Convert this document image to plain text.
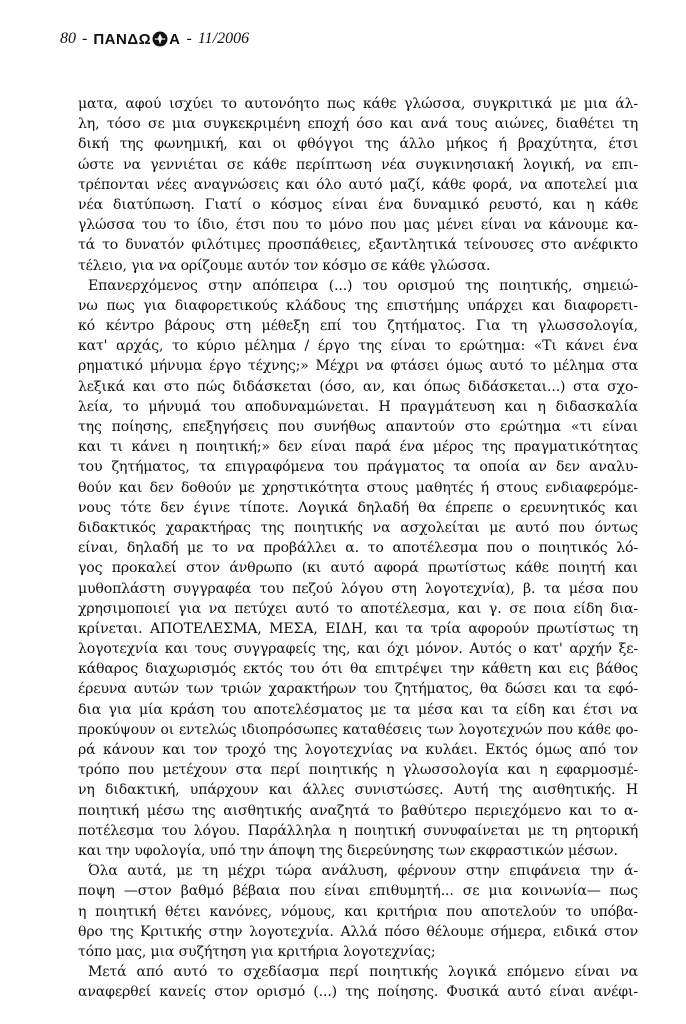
80 - ΠΑΝΔΩ Α - 11/2006
ματα, αφού ισχύει το αυτονόητο πως κάθε γλώσσα, συγκριτικά με μια άλ-
λη, τόσο σε μια συγκεκριμένη εποχή όσο και ανά τους αιώνες, διαθέτει τη
δική της φωνημική, και οι φθόγγοι της άλλο μήκος ή βραχύτητα, έτσι
ώστε να γεννιέται σε κάθε περίπτωση νέα συγκινησιακή λογική, να επι-
τρέπονται νέες αναγνώσεις και όλο αυτό μαζί, κάθε φορά, να αποτελεί μια
νέα διατύπωση. Γιατί ο κόσμος είναι ένα δυναμικό ρευστό, και η κάθε
γλώσσα του το ίδιο, έτσι που το μόνο που μας μένει είναι να κάνουμε κα-
τά το δυνατόν φιλότιμες προσπάθειες, εξαντλητικά τείνουσες στο ανέφικτο
τέλειο, για να ορίζουμε αυτόν τον κόσμο σε κάθε γλώσσα.
Επανερχόμενος στην απόπειρα (...) του ορισμού της ποιητικής, σημειώ-
νω πως για διαφορετικούς κλάδους της επιστήμης υπάρχει και διαφορετι-
κό κέντρο βάρους στη μέθεξη επί του ζητήματος. Για τη γλωσσολογία,
κατ' αρχάς, το κύριο μέλημα / έργο της είναι το ερώτημα: «Τι κάνει ένα
ρηματικό μήνυμα έργο τέχνης;» Μέχρι να φτάσει όμως αυτό το μέλημα στα
λεξικά και στο πώς διδάσκεται (όσο, αν, και όπως διδάσκεται...) στα σχο-
λεία, το μήνυμά του αποδυναμώνεται. Η πραγμάτευση και η διδασκαλία
της ποίησης, επεξηγήσεις που συνήθως απαντούν στο ερώτημα «τι είναι
και τι κάνει η ποιητική;» δεν είναι παρά ένα μέρος της πραγματικότητας
του ζητήματος, τα επιγραφόμενα του πράγματος τα οποία αν δεν αναλυ-
θούν και δεν δοθούν με χρηστικότητα στους μαθητές ή στους ενδιαφερόμε-
νους τότε δεν έγινε τίποτε. Λογικά δηλαδή θα έπρεπε ο ερευνητικός και
διδακτικός χαρακτήρας της ποιητικής να ασχολείται με αυτό που όντως
είναι, δηλαδή με το να προβάλλει α. το αποτέλεσμα που ο ποιητικός λό-
γος προκαλεί στον άνθρωπο (κι αυτό αφορά πρωτίστως κάθε ποιητή και
μυθοπλάστη συγγραφέα του πεζού λόγου στη λογοτεχνία), β. τα μέσα που
χρησιμοποιεί για να πετύχει αυτό το αποτέλεσμα, και γ. σε ποια είδη δια-
κρίνεται. ΑΠΟΤΕΛΕΣΜΑ, ΜΕΣΑ, ΕΙΔΗ, και τα τρία αφορούν πρωτίστως τη
λογοτεχνία και τους συγγραφείς της, και όχι μόνον. Αυτός ο κατ' αρχήν ξε-
κάθαρος διαχωρισμός εκτός του ότι θα επιτρέψει την κάθετη και εις βάθος
έρευνα αυτών των τριών χαρακτήρων του ζητήματος, θα δώσει και τα εφό-
δια για μία κράση του αποτελέσματος με τα μέσα και τα είδη και έτσι να
προκύψουν οι εντελώς ιδιοπρόσωπες καταθέσεις των λογοτεχνών που κάθε φο-
ρά κάνουν και τον τροχό της λογοτεχνίας να κυλάει. Εκτός όμως από τον
τρόπο που μετέχουν στα περί ποιητικής η γλωσσολογία και η εφαρμοσμέ-
νη διδακτική, υπάρχουν και άλλες συνιστώσες. Αυτή της αισθητικής. Η
ποιητική μέσω της αισθητικής αναζητά το βαθύτερο περιεχόμενο και το α-
ποτέλεσμα του λόγου. Παράλληλα η ποιητική συνυφαίνεται με τη ρητορική
και την υφολογία, υπό την άποψη της διερεύνησης των εκφραστικών μέσων.
Όλα αυτά, με τη μέχρι τώρα ανάλυση, φέρνουν στην επιφάνεια την ά-
ποψη —στον βαθμό βέβαια που είναι επιθυμητή... σε μια κοινωνία— πως
η ποιητική θέτει κανόνες, νόμους, και κριτήρια που αποτελούν το υπόβα-
θρο της Κριτικής στην λογοτεχνία. Αλλά πόσο θέλουμε σήμερα, ειδικά στον
τόπο μας, μια συζήτηση για κριτήρια λογοτεχνίας;
Μετά από αυτό το σχεδίασμα περί ποιητικής λογικά επόμενο είναι να
αναφερθεί κανείς στον ορισμό (...) της ποίησης. Φυσικά αυτό είναι ανέφι-
